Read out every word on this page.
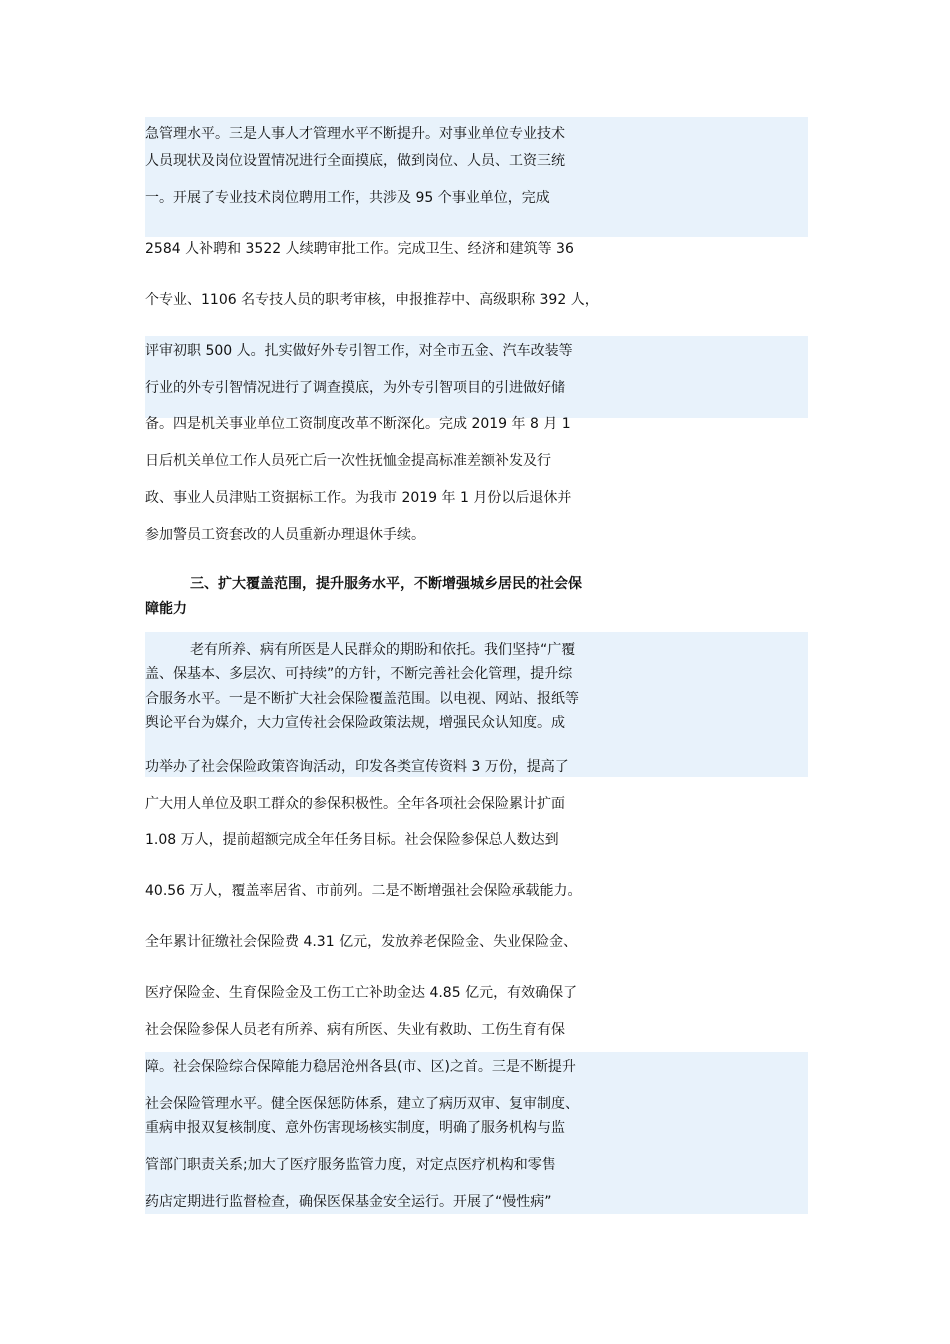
急管理水平。三是人事人才管理水平不断提升。对事业单位专业技术
人员现状及岗位设置情况进行全面摸底，做到岗位、人员、工资三统
一。开展了专业技术岗位聘用工作，共涉及 95 个事业单位，完成
2584 人补聘和 3522 人续聘审批工作。完成卫生、经济和建筑等 36
个专业、1106 名专技人员的职考审核，申报推荐中、高级职称 392 人，
评审初职 500 人。扎实做好外专引智工作，对全市五金、汽车改装等
行业的外专引智情况进行了调查摸底，为外专引智项目的引进做好储
备。四是机关事业单位工资制度改革不断深化。完成 2019 年 8 月 1
日后机关单位工作人员死亡后一次性抚恤金提高标准差额补发及行
政、事业人员津贴工资据标工作。为我市 2019 年 1 月份以后退休并
参加警员工资套改的人员重新办理退休手续。
三、扩大覆盖范围，提升服务水平，不断增强城乡居民的社会保
障能力
老有所养、病有所医是人民群众的期盼和依托。我们坚持“广覆
盖、保基本、多层次、可持续”的方针，不断完善社会化管理，提升综
合服务水平。一是不断扩大社会保险覆盖范围。以电视、网站、报纸等
舆论平台为媒介，大力宣传社会保险政策法规，增强民众认知度。成
功举办了社会保险政策咨询活动，印发各类宣传资料 3 万份，提高了
广大用人单位及职工群众的参保积极性。全年各项社会保险累计扩面
1.08 万人，提前超额完成全年任务目标。社会保险参保总人数达到
40.56 万人，覆盖率居省、市前列。二是不断增强社会保险承载能力。
全年累计征缴社会保险费 4.31 亿元，发放养老保险金、失业保险金、
医疗保险金、生育保险金及工伤工亡补助金达 4.85 亿元，有效确保了
社会保险参保人员老有所养、病有所医、失业有救助、工伤生育有保
障。社会保险综合保障能力稳居沧州各县(市、区)之首。三是不断提升
社会保险管理水平。健全医保惩防体系，建立了病历双审、复审制度、
重病申报双复核制度、意外伤害现场核实制度，明确了服务机构与监
管部门职责关系;加大了医疗服务监管力度，对定点医疗机构和零售
药店定期进行监督检查，确保医保基金安全运行。开展了“慢性病”
